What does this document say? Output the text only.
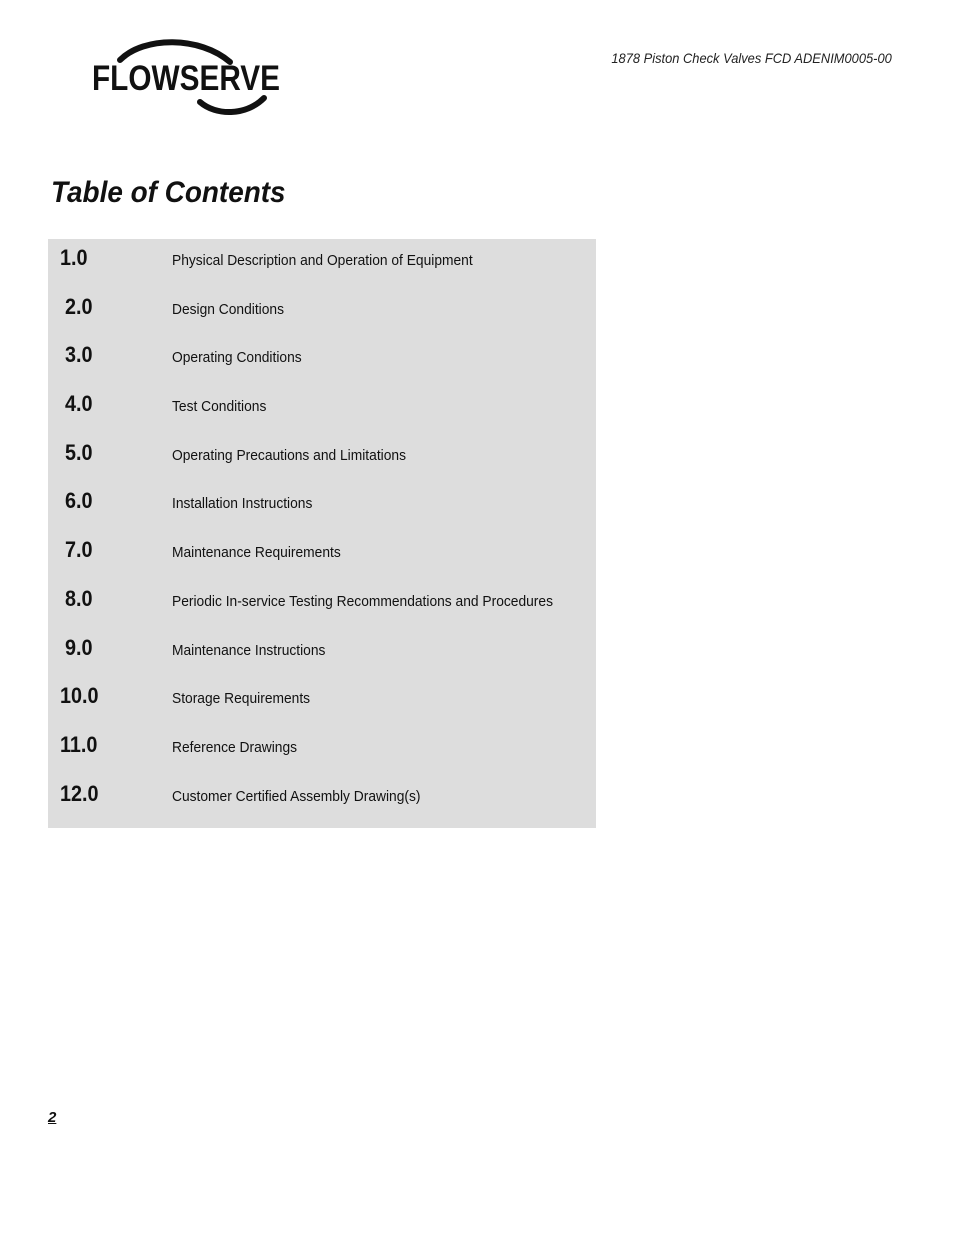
FLOWSERVE
1878 Piston Check Valves FCD ADENIM0005-00
Table of Contents
1.0	Physical Description and Operation of Equipment
2.0	Design Conditions
3.0	Operating Conditions
4.0	Test Conditions
5.0	Operating Precautions and Limitations
6.0	Installation Instructions
7.0	Maintenance Requirements
8.0	Periodic In-service Testing Recommendations and Procedures
9.0	Maintenance Instructions
10.0	Storage Requirements
11.0	Reference Drawings
12.0	Customer Certified Assembly Drawing(s)
2
